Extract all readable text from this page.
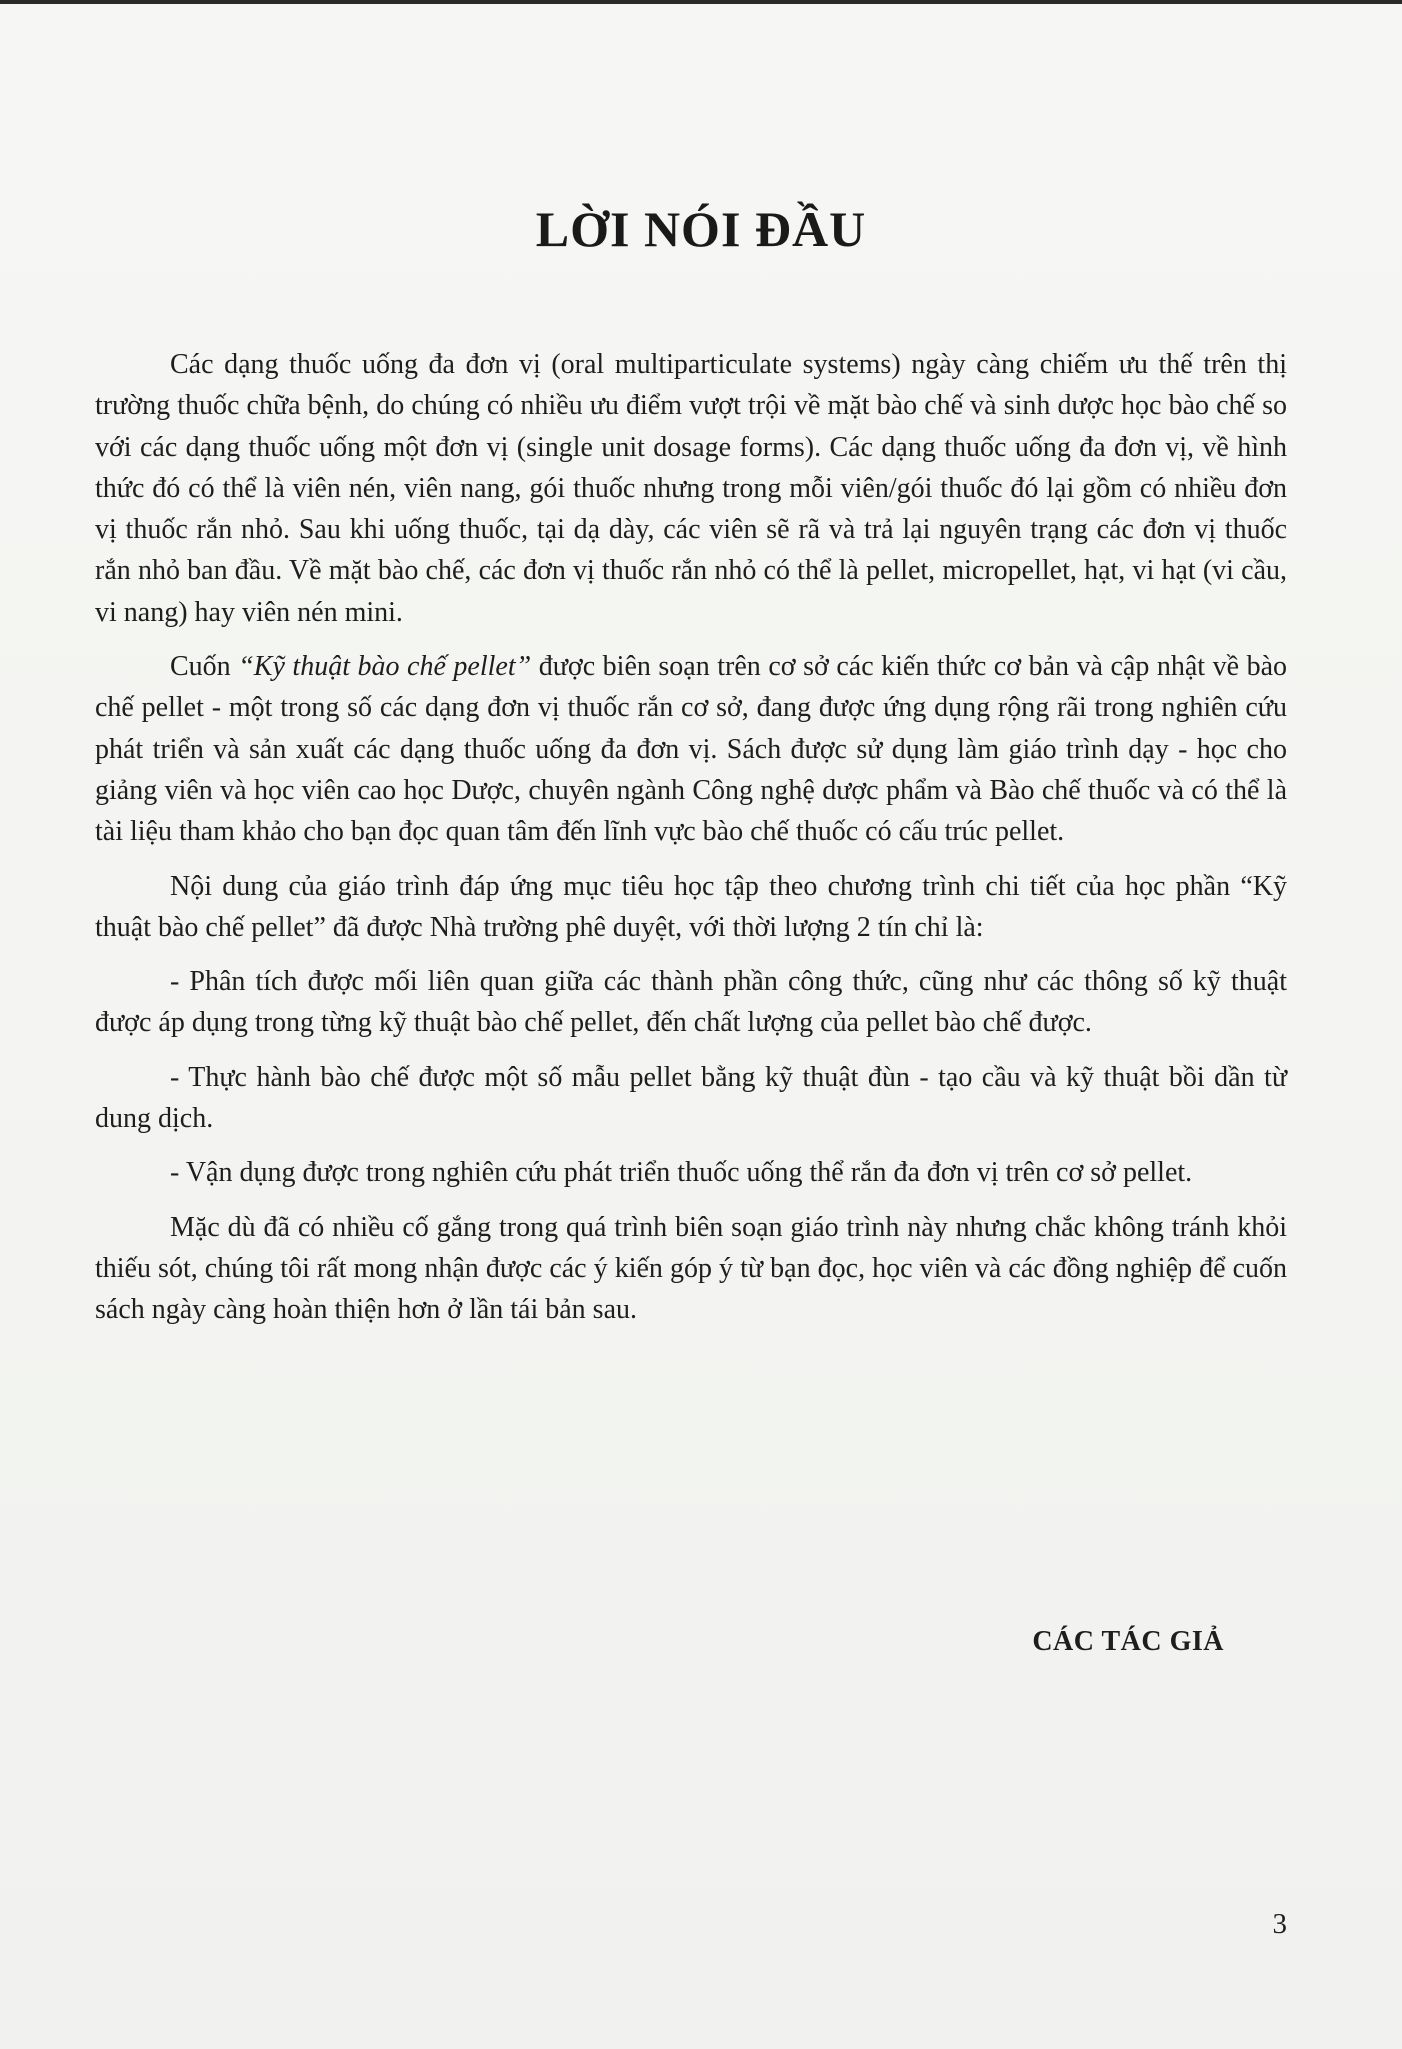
LỜI NÓI ĐẦU

Các dạng thuốc uống đa đơn vị (oral multiparticulate systems) ngày càng chiếm ưu thế trên thị trường thuốc chữa bệnh, do chúng có nhiều ưu điểm vượt trội về mặt bào chế và sinh dược học bào chế so với các dạng thuốc uống một đơn vị (single unit dosage forms). Các dạng thuốc uống đa đơn vị, về hình thức đó có thể là viên nén, viên nang, gói thuốc nhưng trong mỗi viên/gói thuốc đó lại gồm có nhiều đơn vị thuốc rắn nhỏ. Sau khi uống thuốc, tại dạ dày, các viên sẽ rã và trả lại nguyên trạng các đơn vị thuốc rắn nhỏ ban đầu. Về mặt bào chế, các đơn vị thuốc rắn nhỏ có thể là pellet, micropellet, hạt, vi hạt (vi cầu, vi nang) hay viên nén mini.

Cuốn “Kỹ thuật bào chế pellet” được biên soạn trên cơ sở các kiến thức cơ bản và cập nhật về bào chế pellet - một trong số các dạng đơn vị thuốc rắn cơ sở, đang được ứng dụng rộng rãi trong nghiên cứu phát triển và sản xuất các dạng thuốc uống đa đơn vị. Sách được sử dụng làm giáo trình dạy - học cho giảng viên và học viên cao học Dược, chuyên ngành Công nghệ dược phẩm và Bào chế thuốc và có thể là tài liệu tham khảo cho bạn đọc quan tâm đến lĩnh vực bào chế thuốc có cấu trúc pellet.

Nội dung của giáo trình đáp ứng mục tiêu học tập theo chương trình chi tiết của học phần “Kỹ thuật bào chế pellet” đã được Nhà trường phê duyệt, với thời lượng 2 tín chỉ là:

- Phân tích được mối liên quan giữa các thành phần công thức, cũng như các thông số kỹ thuật được áp dụng trong từng kỹ thuật bào chế pellet, đến chất lượng của pellet bào chế được.

- Thực hành bào chế được một số mẫu pellet bằng kỹ thuật đùn - tạo cầu và kỹ thuật bồi dần từ dung dịch.

- Vận dụng được trong nghiên cứu phát triển thuốc uống thể rắn đa đơn vị trên cơ sở pellet.

Mặc dù đã có nhiều cố gắng trong quá trình biên soạn giáo trình này nhưng chắc không tránh khỏi thiếu sót, chúng tôi rất mong nhận được các ý kiến góp ý từ bạn đọc, học viên và các đồng nghiệp để cuốn sách ngày càng hoàn thiện hơn ở lần tái bản sau.

CÁC TÁC GIẢ
3
